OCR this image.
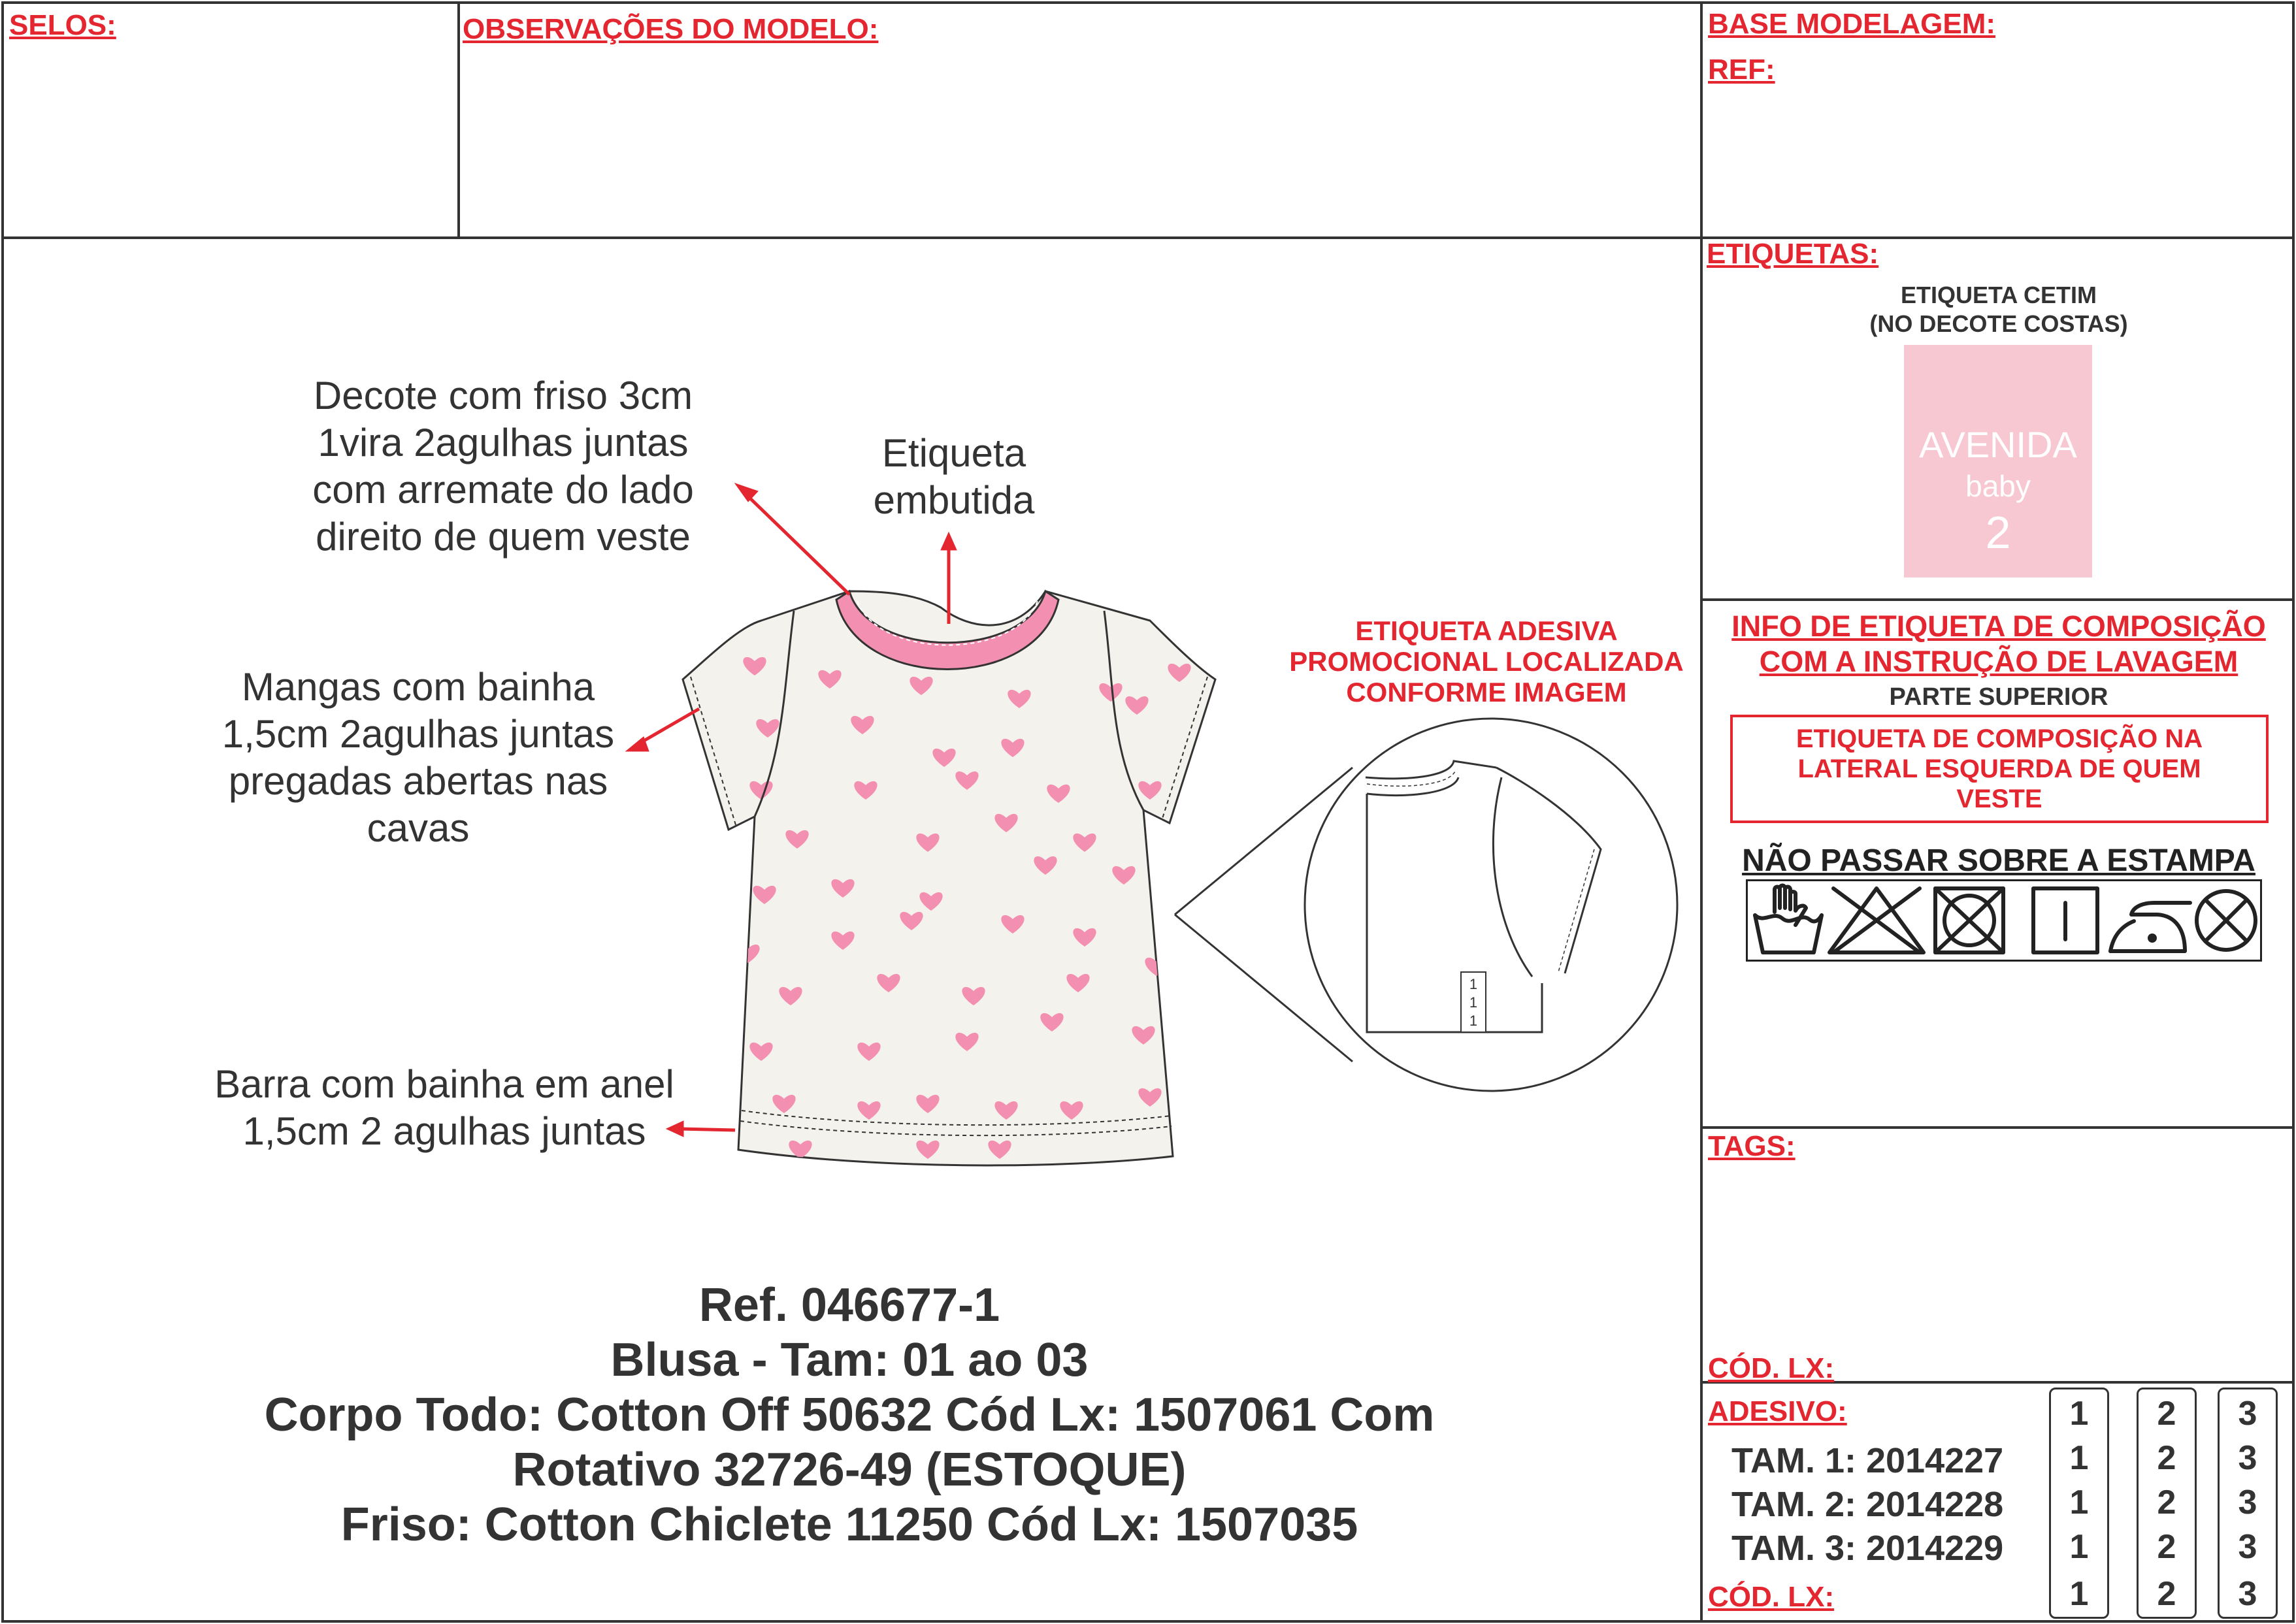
SELOS:	OBSERVAÇÕES DO MODELO:	BASE MODELAGEM:
REF:
Decote com friso 3cm
1vira 2agulhas juntas
com arremate do lado
direito de quem veste
Etiqueta
embutida
Mangas com bainha
1,5cm 2agulhas juntas
pregadas abertas nas
cavas
Barra com bainha em anel
1,5cm 2 agulhas juntas
ETIQUETA ADESIVA
PROMOCIONAL LOCALIZADA
CONFORME IMAGEM
1
1
1
Ref. 046677-1
Blusa - Tam: 01 ao 03
Corpo Todo: Cotton Off 50632 Cód Lx: 1507061 Com
Rotativo 32726-49 (ESTOQUE)
Friso: Cotton Chiclete 11250 Cód Lx: 1507035
ETIQUETAS:
ETIQUETA CETIM
(NO DECOTE COSTAS)
AVENIDA
baby
2
INFO DE ETIQUETA DE COMPOSIÇÃO
COM A INSTRUÇÃO DE LAVAGEM
PARTE SUPERIOR
ETIQUETA DE COMPOSIÇÃO NA
LATERAL ESQUERDA DE QUEM
VESTE
NÃO PASSAR SOBRE A ESTAMPA
TAGS:
CÓD. LX:
ADESIVO:
TAM. 1: 2014227
TAM. 2: 2014228
TAM. 3: 2014229
CÓD. LX:
1
1
1
1
1
2
2
2
2
2
3
3
3
3
3
